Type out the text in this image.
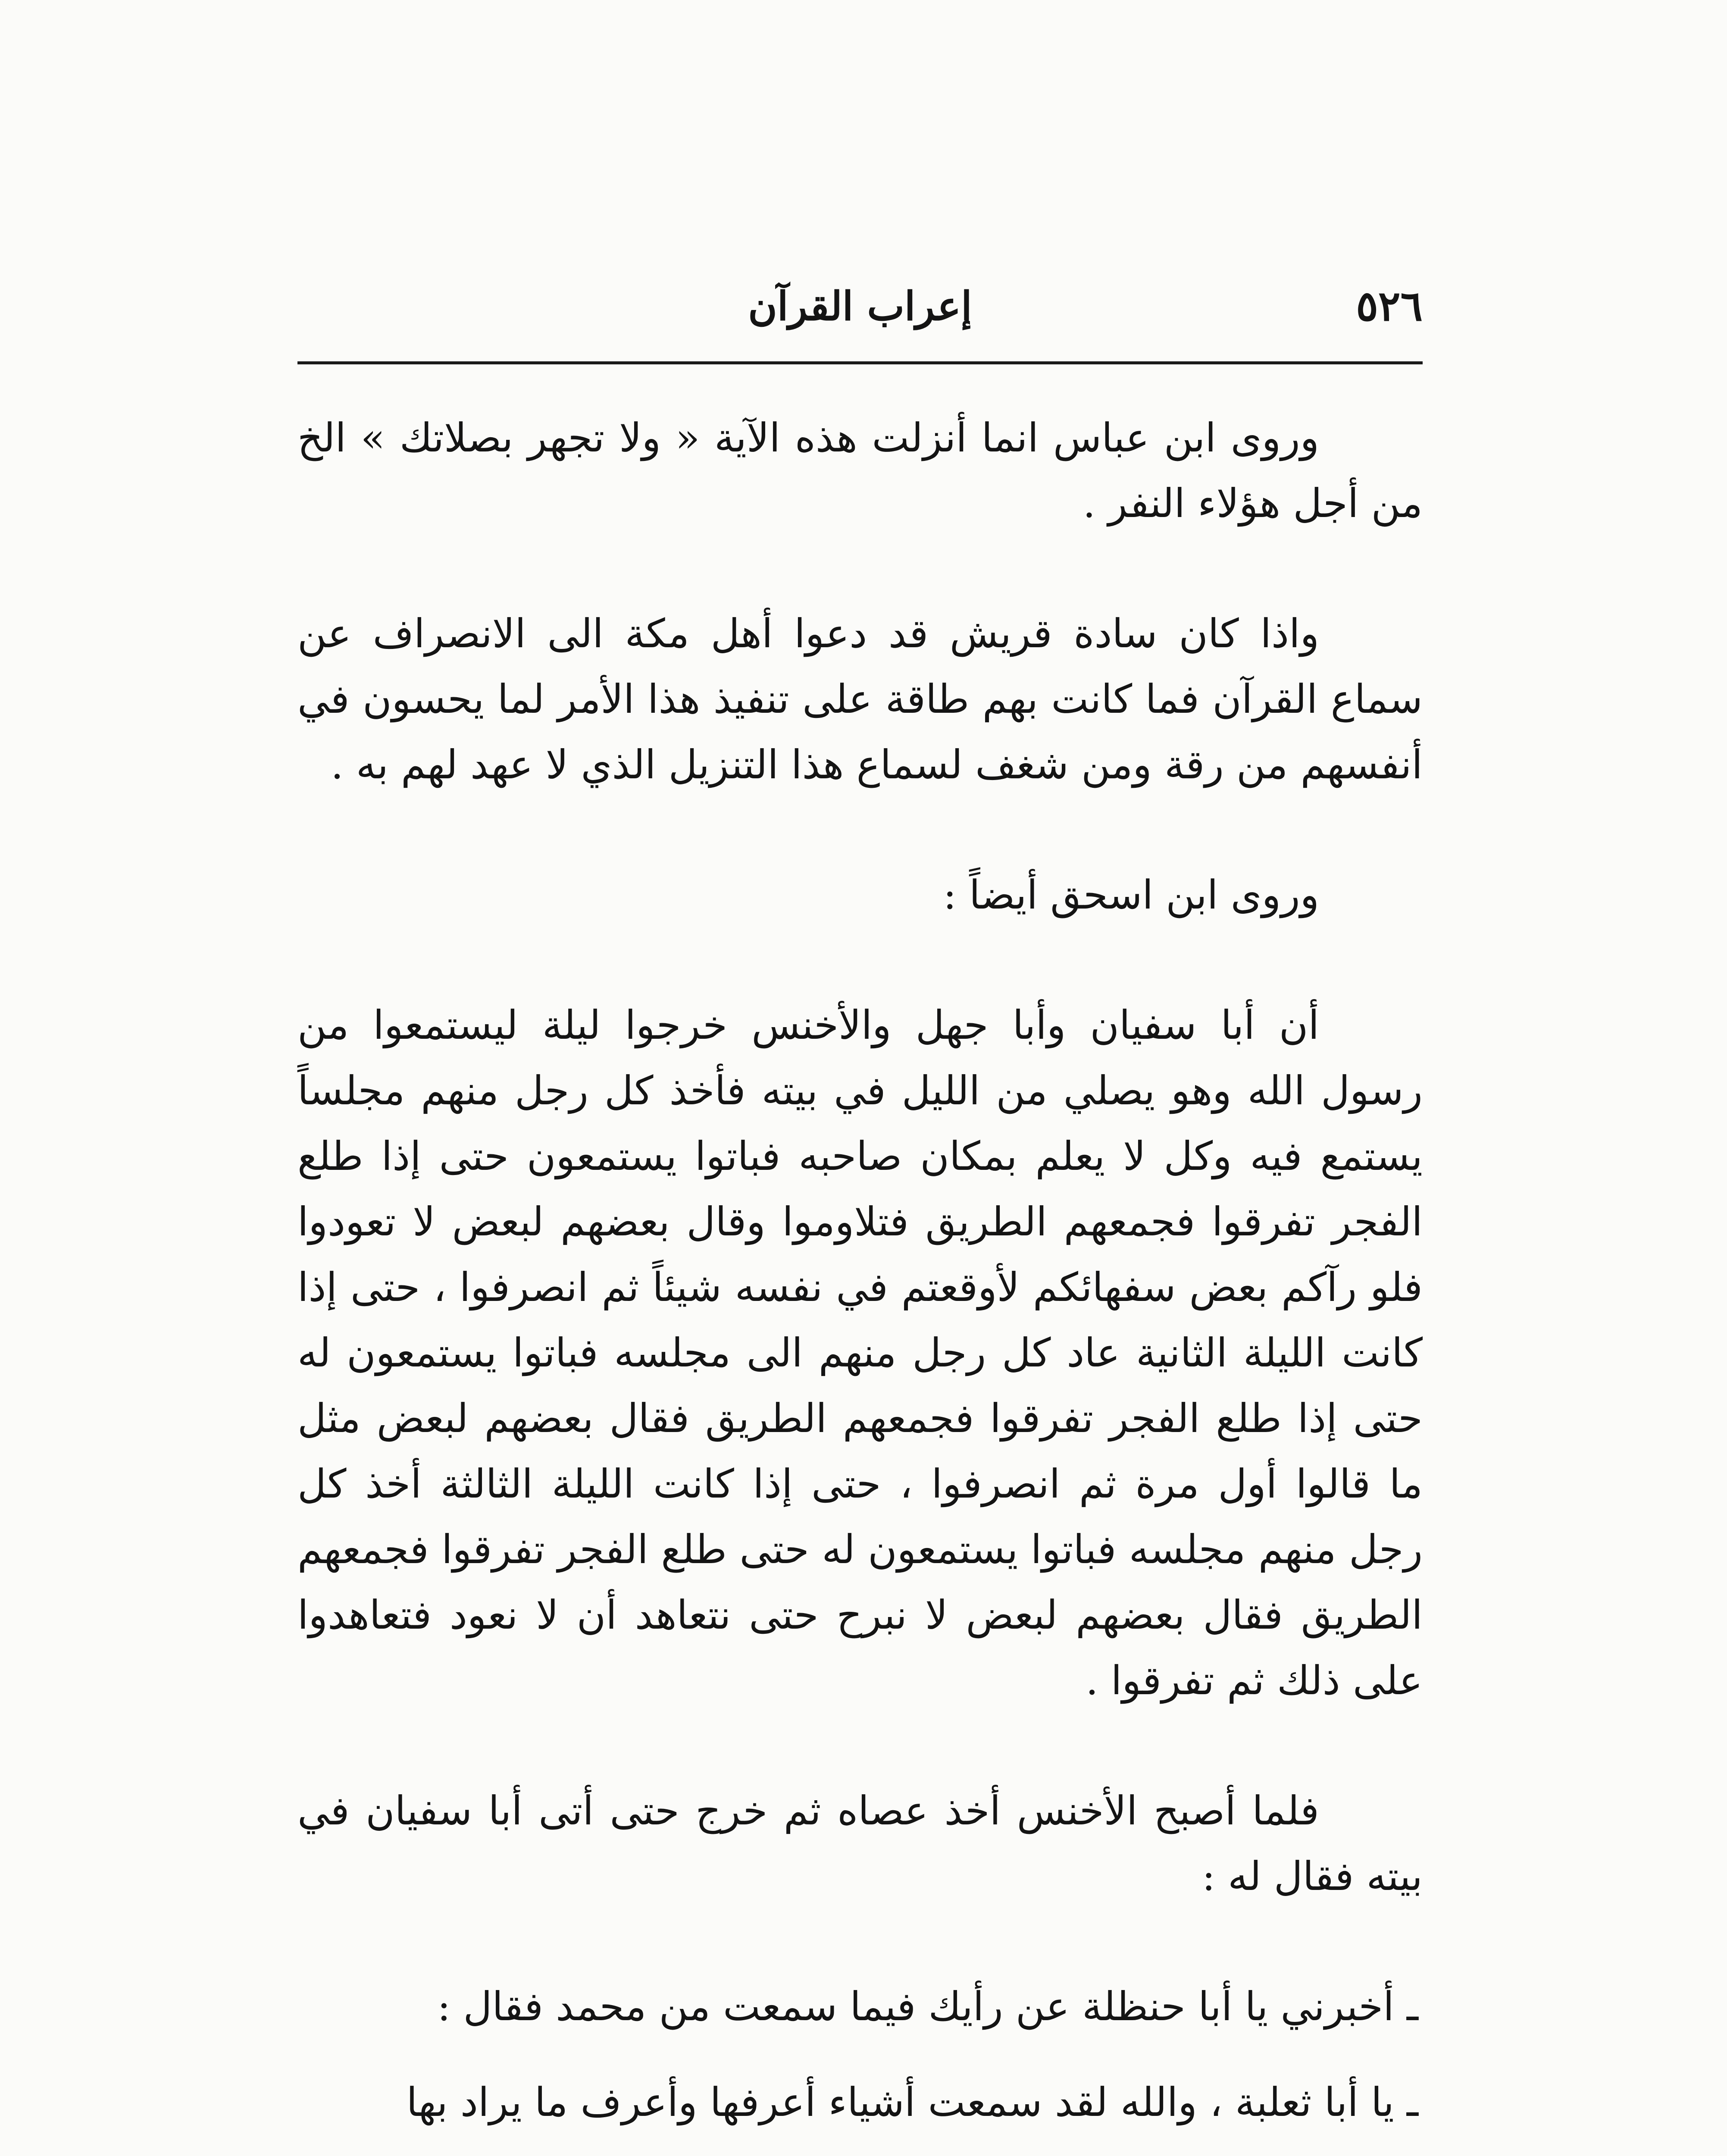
٥٢٦
إعراب القرآن

وروى ابن عباس انما أنزلت هذه الآية « ولا تجهر بصلاتك » الخ من أجل هؤلاء النفر .

واذا كان سادة قريش قد دعوا أهل مكة الى الانصراف عن سماع القرآن فما كانت بهم طاقة على تنفيذ هذا الأمر لما يحسون في أنفسهم من رقة ومن شغف لسماع هذا التنزيل الذي لا عهد لهم به .

وروى ابن اسحق أيضاً :

أن أبا سفيان وأبا جهل والأخنس خرجوا ليلة ليستمعوا من رسول الله وهو يصلي من الليل في بيته فأخذ كل رجل منهم مجلساً يستمع فيه وكل لا يعلم بمكان صاحبه فباتوا يستمعون حتى إذا طلع الفجر تفرقوا فجمعهم الطريق فتلاوموا وقال بعضهم لبعض لا تعودوا فلو رآكم بعض سفهائكم لأوقعتم في نفسه شيئاً ثم انصرفوا ، حتى إذا كانت الليلة الثانية عاد كل رجل منهم الى مجلسه فباتوا يستمعون له حتى إذا طلع الفجر تفرقوا فجمعهم الطريق فقال بعضهم لبعض مثل ما قالوا أول مرة ثم انصرفوا ، حتى إذا كانت الليلة الثالثة أخذ كل رجل منهم مجلسه فباتوا يستمعون له حتى طلع الفجر تفرقوا فجمعهم الطريق فقال بعضهم لبعض لا نبرح حتى نتعاهد أن لا نعود فتعاهدوا على ذلك ثم تفرقوا .

فلما أصبح الأخنس أخذ عصاه ثم خرج حتى أتى أبا سفيان في بيته فقال له :

ـ أخبرني يا أبا حنظلة عن رأيك فيما سمعت من محمد فقال :

ـ يا أبا ثعلبة ، والله لقد سمعت أشياء أعرفها وأعرف ما يراد بها
